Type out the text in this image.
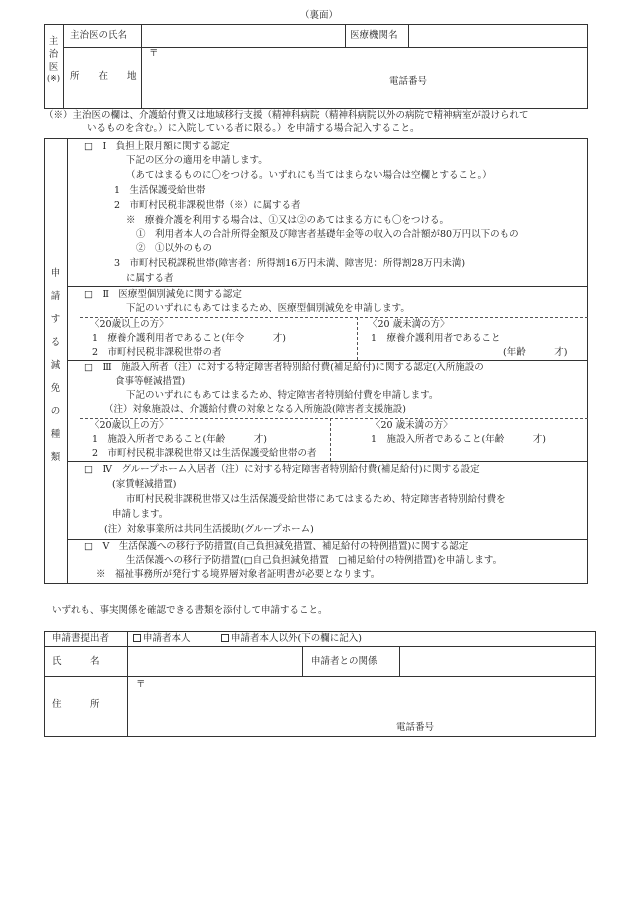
（裏面）
主
治
医
(※)
主治医の氏名	医療機関名
所　　在　　地
〒
電話番号
（※）主治医の欄は、介護給付費又は地域移行支援（精神科病院（精神科病院以外の病院で精神病室が設けられて
いるものを含む。）に入院している者に限る。）を申請する場合記入すること。
申
請
す
る
減
免
の
種
類
□　Ⅰ　負担上限月額に関する認定
下記の区分の適用を申請します。
（あてはまるものに〇をつける。いずれにも当てはまらない場合は空欄とすること。）
1　生活保護受給世帯
2　市町村民税非課税世帯（※）に属する者
※　療養介護を利用する場合は、①又は②のあてはまる方にも〇をつける。
①　利用者本人の合計所得金額及び障害者基礎年金等の収入の合計額が80万円以下のもの
②　①以外のもの
3　市町村民税課税世帯(障害者：所得割16万円未満、障害児：所得割28万円未満)
に属する者
□　Ⅱ　医療型個別減免に関する認定
下記のいずれにもあてはまるため、医療型個別減免を申請します。
〈20歳以上の方〉
1　療養介護利用者であること(年令　　　才)
2　市町村民税非課税世帯の者
〈20 歳未満の方〉
1　療養介護利用者であること
(年齢　　　才)
□　Ⅲ　施設入所者（注）に対する特定障害者特別給付費(補足給付)に関する認定(入所施設の
食事等軽減措置)
下記のいずれにもあてはまるため、特定障害者特別給付費を申請します。
（注）対象施設は、介護給付費の対象となる入所施設(障害者支援施設)
〈20歳以上の方〉
1　施設入所者であること(年齢　　　才)
2　市町村民税非課税世帯又は生活保護受給世帯の者
〈20 歳未満の方〉
1　施設入所者であること(年齢　　　才)
□　Ⅳ　グループホーム入居者（注）に対する特定障害者特別給付費(補足給付)に関する設定
(家賃軽減措置)
市町村民税非課税世帯又は生活保護受給世帯にあてはまるため、特定障害者特別給付費を
申請します。
(注）対象事業所は共同生活援助(グループホーム)
□　Ⅴ　生活保護への移行予防措置(自己負担減免措置、補足給付の特例措置)に関する認定
生活保護への移行予防措置(□自己負担減免措置　□補足給付の特例措置)を申請します。
※　福祉事務所が発行する境界層対象者証明書が必要となります。
いずれも、事実関係を確認できる書類を添付して申請すること。
申請書提出者	申請者本人	申請者本人以外(下の欄に記入)
氏　　　名	申請者との関係
住　　　所
〒
電話番号
